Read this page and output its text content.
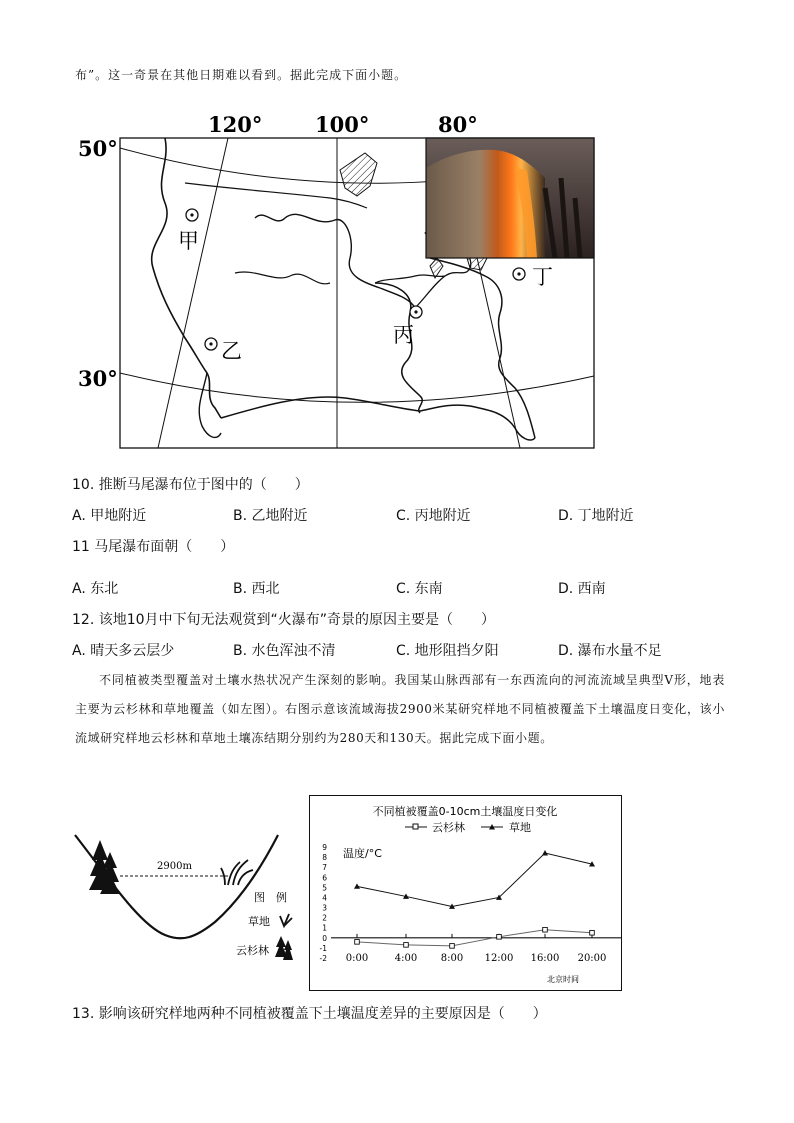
布”。这一奇景在其他日期难以看到。据此完成下面小题。
甲
乙
丙
丁
120°	100°	80°
50°
30°
10. 推断马尾瀑布位于图中的（　　）
A. 甲地附近	B. 乙地附近	C. 丙地附近	D. 丁地附近
11 马尾瀑布面朝（　　）
A. 东北	B. 西北	C. 东南	D. 西南
12. 该地10月中下旬无法观赏到“火瀑布”奇景的原因主要是（　　）
A. 晴天多云层少	B. 水色浑浊不清	C. 地形阻挡夕阳	D. 瀑布水量不足

不同植被类型覆盖对土壤水热状况产生深刻的影响。我国某山脉西部有一东西流向的河流流域呈典型V形，地表主要为云杉林和草地覆盖（如左图）。右图示意该流域海拔2900米某研究样地不同植被覆盖下土壤温度日变化，该小流域研究样地云杉林和草地土壤冻结期分别约为280天和130天。据此完成下面小题。

2900m
图　例
草地
云杉林
不同植被覆盖0-10cm土壤温度日变化
云杉林	草地
温度/°C
-2
-1
0
1
2
3
4
5
6
7
8
9
0:00	4:00 8:00 12:00 16:00 20:00
北京时间
13. 影响该研究样地两种不同植被覆盖下土壤温度差异的主要原因是（　　）
